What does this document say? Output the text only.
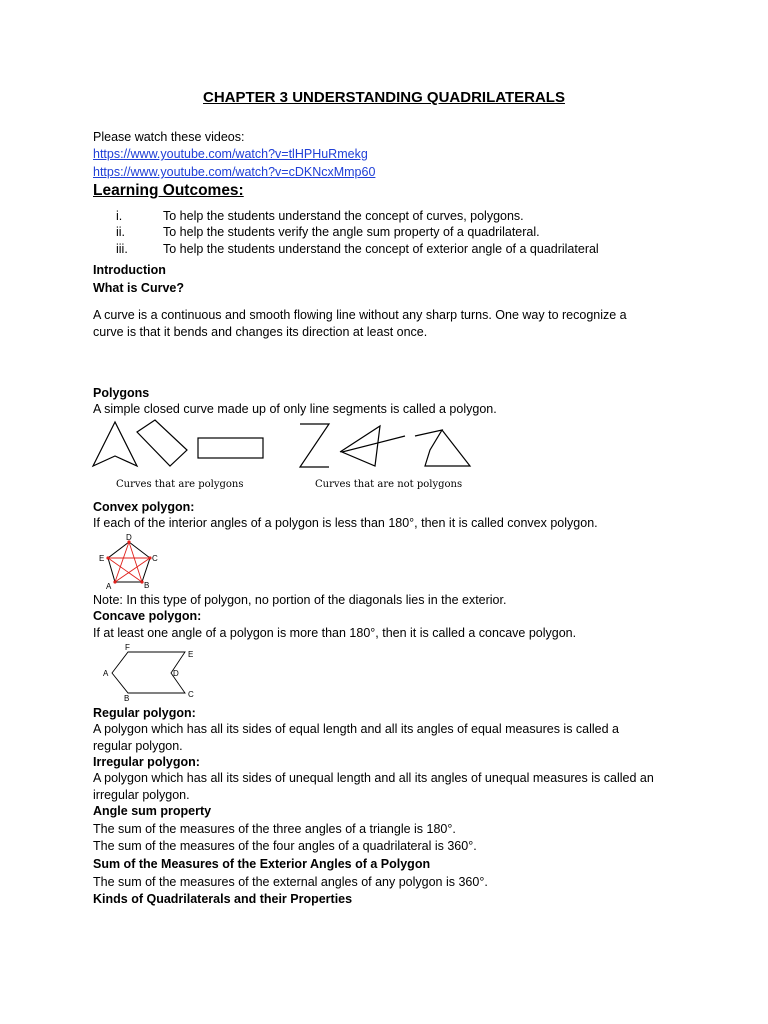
CHAPTER 3 UNDERSTANDING QUADRILATERALS
Please watch these videos:
https://www.youtube.com/watch?v=tlHPHuRmekg
https://www.youtube.com/watch?v=cDKNcxMmp60
Learning Outcomes:
i.	To help the students understand the concept of curves, polygons.
ii.	To help the students verify the angle sum property of a quadrilateral.
iii.	To help the students understand the concept of exterior angle of a quadrilateral
Introduction
What is Curve?
A curve is a continuous and smooth flowing line without any sharp turns. One way to recognize a
curve is that it bends and changes its direction at least once.
Polygons
A simple closed curve made up of only line segments is called a polygon.
Curves that are polygons	Curves that are not polygons
Convex polygon:
If each of the interior angles of a polygon is less than 180°, then it is called convex polygon.
D
E	C
A	B
Note: In this type of polygon, no portion of the diagonals lies in the exterior.
Concave polygon:
If at least one angle of a polygon is more than 180°, then it is called a concave polygon.
F
E
A	D
B	C
Regular polygon:
A polygon which has all its sides of equal length and all its angles of equal measures is called a
regular polygon.
Irregular polygon:
A polygon which has all its sides of unequal length and all its angles of unequal measures is called an
irregular polygon.
Angle sum property
The sum of the measures of the three angles of a triangle is 180°.
The sum of the measures of the four angles of a quadrilateral is 360°.
Sum of the Measures of the Exterior Angles of a Polygon
The sum of the measures of the external angles of any polygon is 360°.
Kinds of Quadrilaterals and their Properties
